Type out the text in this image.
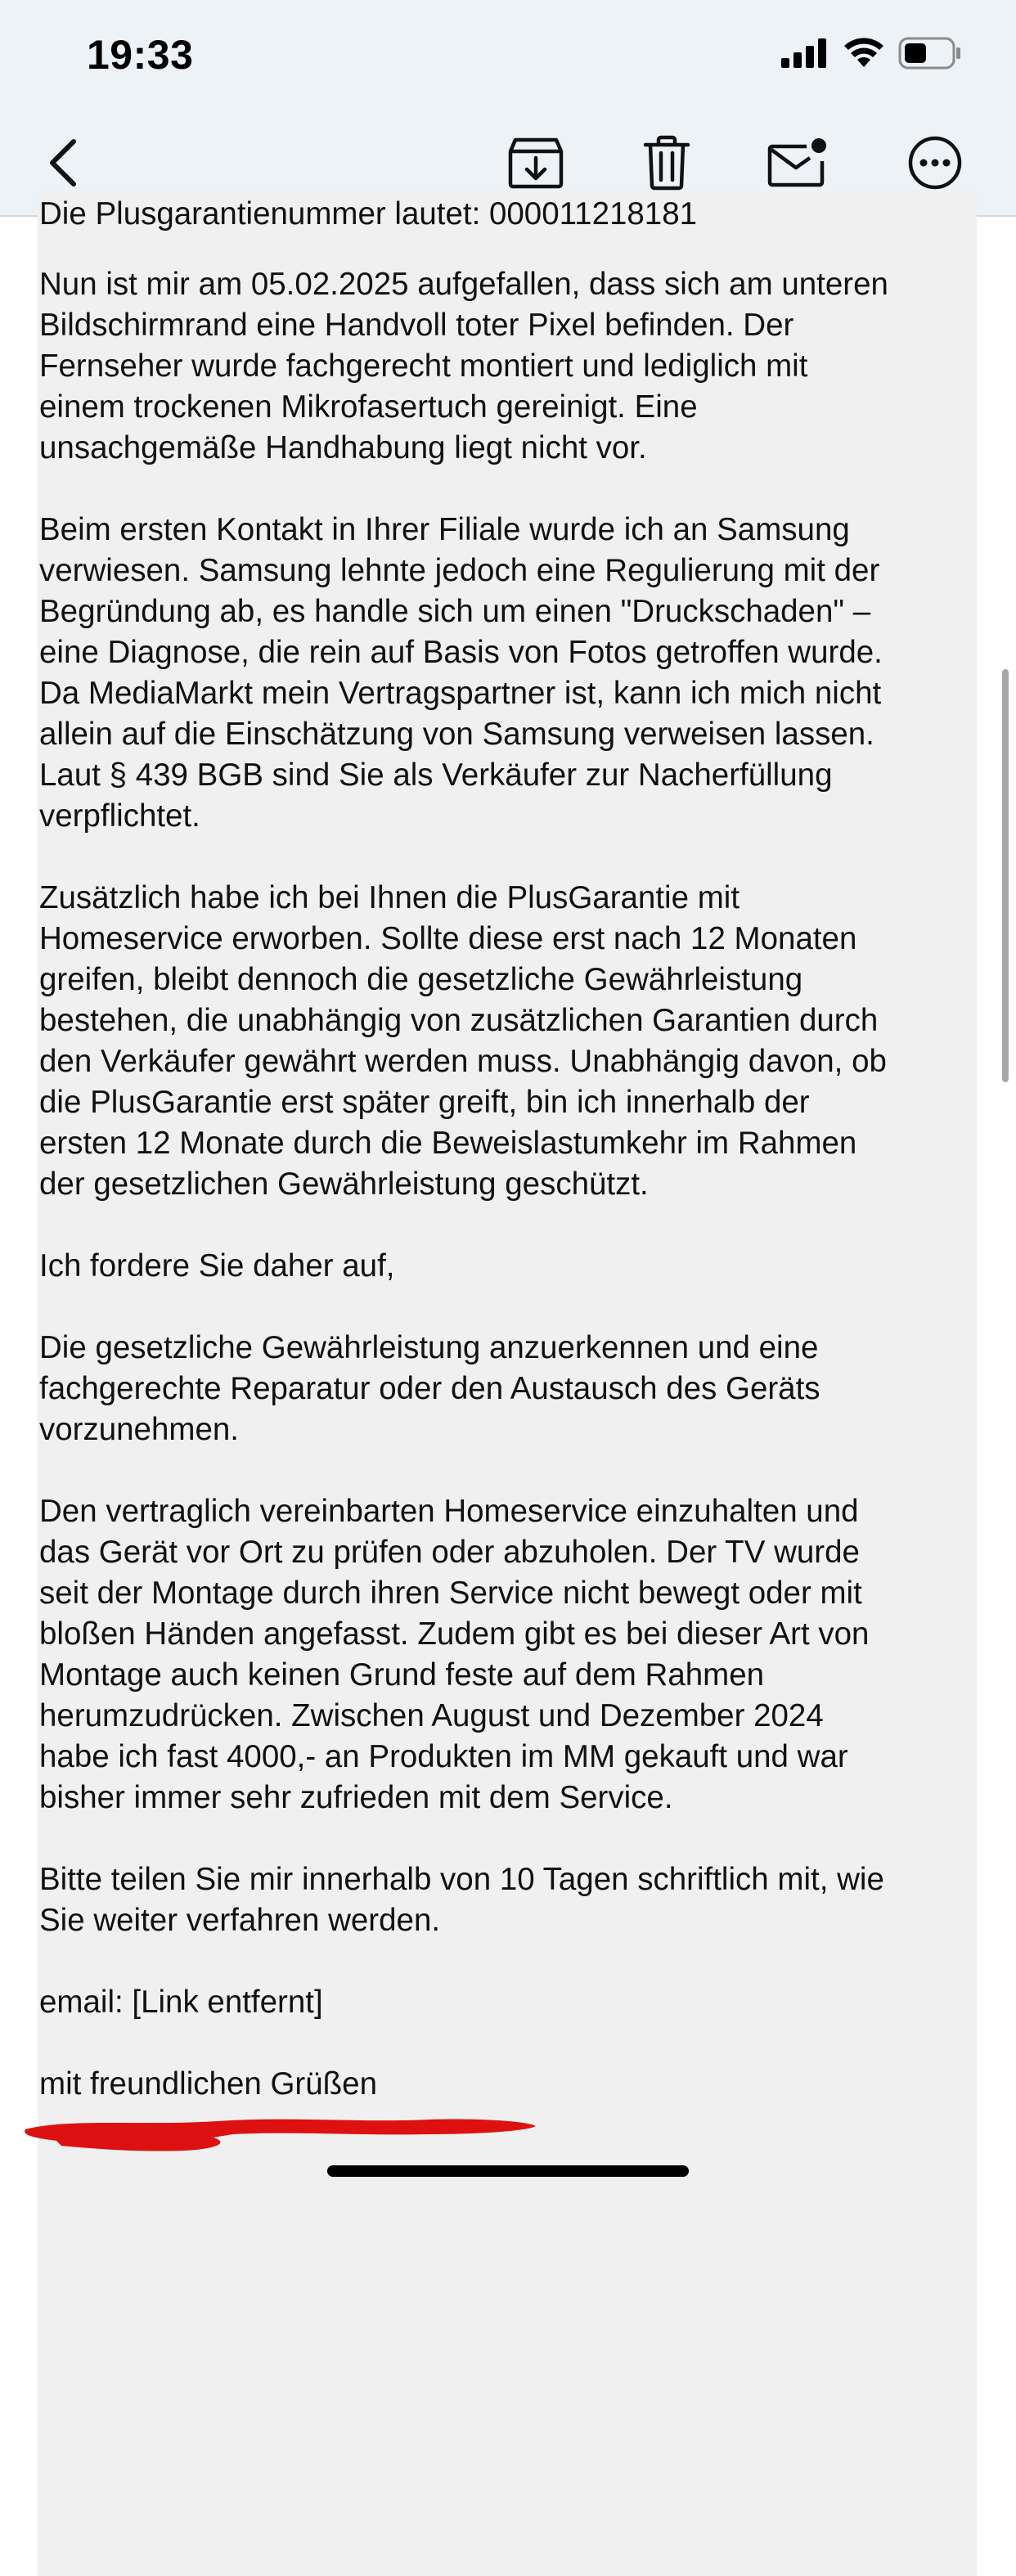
19:33
Die Plusgarantienummer lautet: 000011218181

Nun ist mir am 05.02.2025 aufgefallen, dass sich am unteren
Bildschirmrand eine Handvoll toter Pixel befinden. Der
Fernseher wurde fachgerecht montiert und lediglich mit
einem trockenen Mikrofasertuch gereinigt. Eine
unsachgemäße Handhabung liegt nicht vor.

Beim ersten Kontakt in Ihrer Filiale wurde ich an Samsung
verwiesen. Samsung lehnte jedoch eine Regulierung mit der
Begründung ab, es handle sich um einen "Druckschaden" –
eine Diagnose, die rein auf Basis von Fotos getroffen wurde.
Da MediaMarkt mein Vertragspartner ist, kann ich mich nicht
allein auf die Einschätzung von Samsung verweisen lassen.
Laut § 439 BGB sind Sie als Verkäufer zur Nacherfüllung
verpflichtet.

Zusätzlich habe ich bei Ihnen die PlusGarantie mit
Homeservice erworben. Sollte diese erst nach 12 Monaten
greifen, bleibt dennoch die gesetzliche Gewährleistung
bestehen, die unabhängig von zusätzlichen Garantien durch
den Verkäufer gewährt werden muss. Unabhängig davon, ob
die PlusGarantie erst später greift, bin ich innerhalb der
ersten 12 Monate durch die Beweislastumkehr im Rahmen
der gesetzlichen Gewährleistung geschützt.

Ich fordere Sie daher auf,

Die gesetzliche Gewährleistung anzuerkennen und eine
fachgerechte Reparatur oder den Austausch des Geräts
vorzunehmen.

Den vertraglich vereinbarten Homeservice einzuhalten und
das Gerät vor Ort zu prüfen oder abzuholen. Der TV wurde
seit der Montage durch ihren Service nicht bewegt oder mit
bloßen Händen angefasst. Zudem gibt es bei dieser Art von
Montage auch keinen Grund feste auf dem Rahmen
herumzudrücken. Zwischen August und Dezember 2024
habe ich fast 4000,- an Produkten im MM gekauft und war
bisher immer sehr zufrieden mit dem Service.

Bitte teilen Sie mir innerhalb von 10 Tagen schriftlich mit, wie
Sie weiter verfahren werden.

email: [Link entfernt]

mit freundlichen Grüßen
